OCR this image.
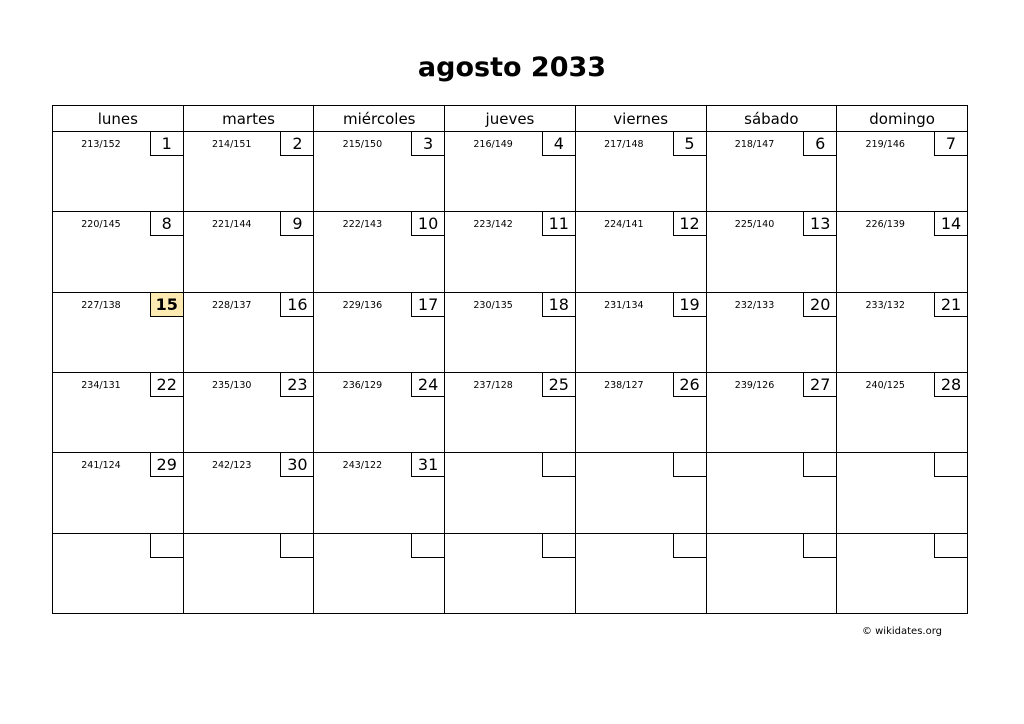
agosto 2033
lunes	martes	miércoles	jueves	viernes	sábado	domingo

213/152 1	214/151 2	215/150 3	216/149 4	217/148 5	218/147 6	219/146 7

220/145 8	221/144 9	222/143 10	223/142 11	224/141 12	225/140 13	226/139 14

227/138 15	228/137 16	229/136 17	230/135 18	231/134 19	232/133 20	233/132 21

234/131 22	235/130 23	236/129 24	237/128 25	238/127 26	239/126 27	240/125 28

241/124 29	242/123 30	243/122 31				

© wikidates.org
